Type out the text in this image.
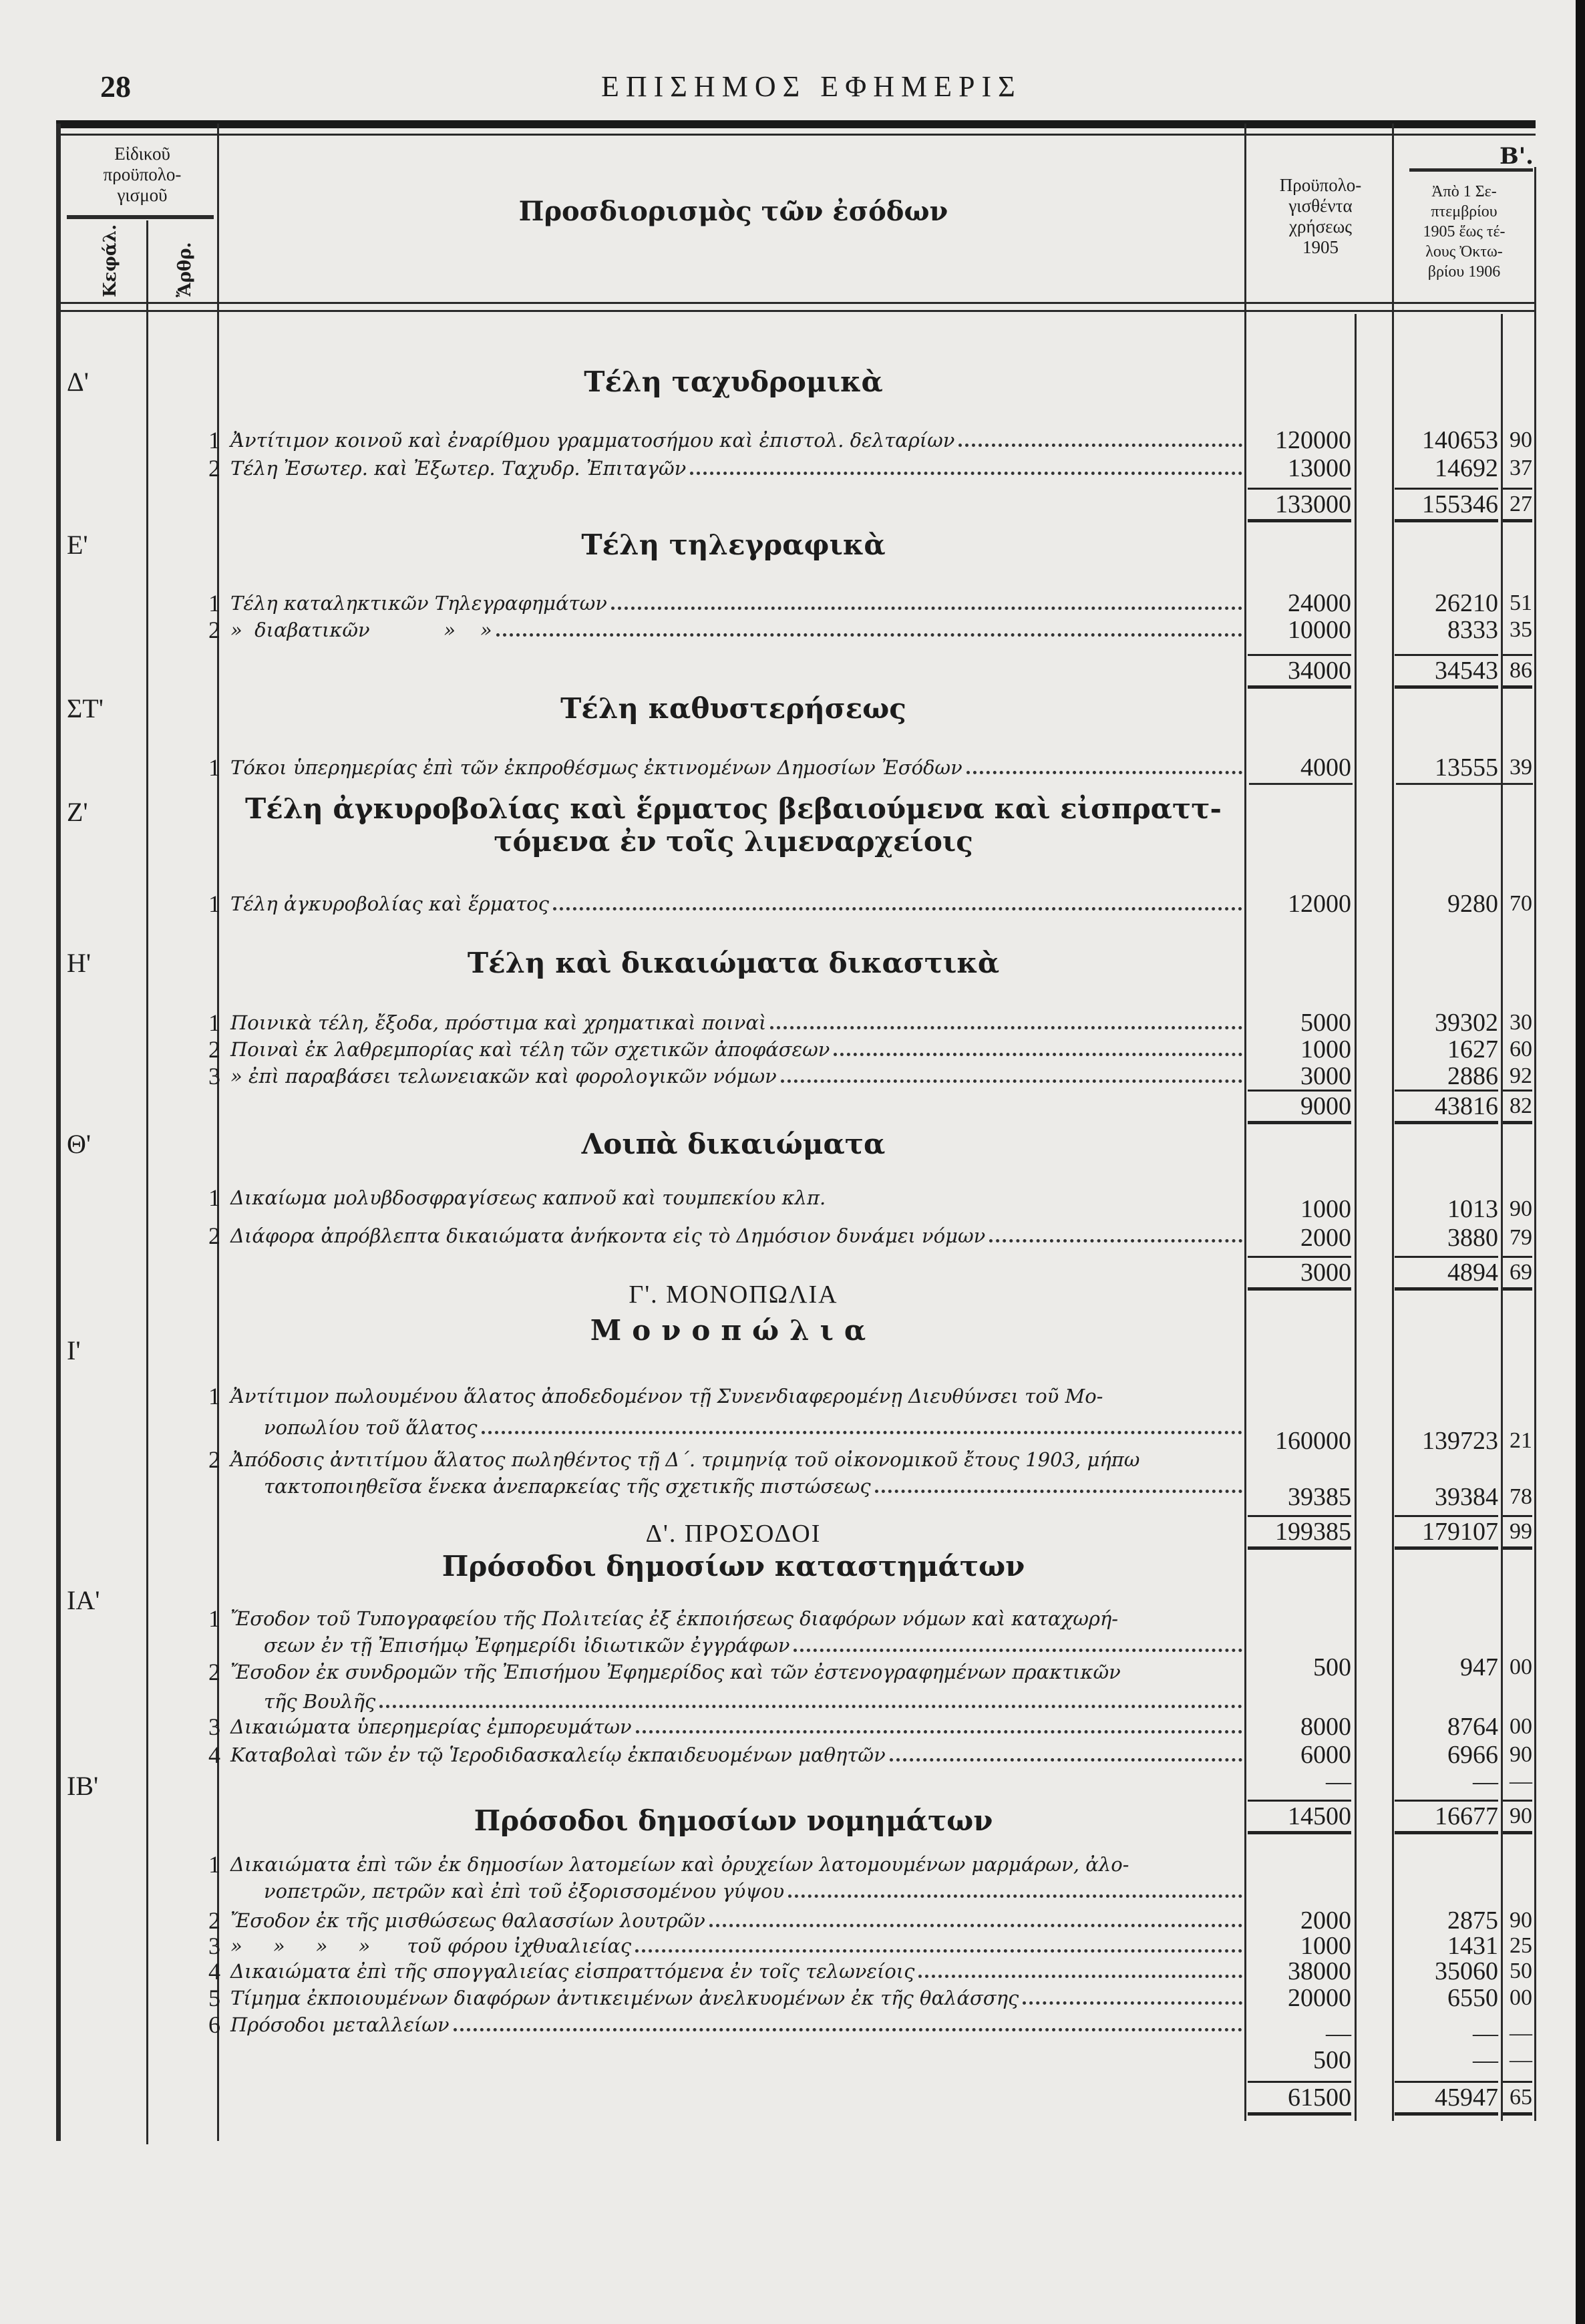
28	ΕΠΙΣΗΜΟΣ ΕΦΗΜΕΡΙΣ
Εἰδικοῦ
προϋπολο-
γισμοῦ
Κεφάλ.	Ἄρθρ.
Προσδιορισμὸς τῶν ἐσόδων
Προϋπολο-
γισθέντα
χρήσεως
1905
Β'.
Ἀπὸ 1 Σε-
πτεμβρίου
1905 ἕως τέ-
λους Ὀκτω-
βρίου 1906
Δ'	Τέλη ταχυδρομικὰ
1 Ἀντίτιμον κοινοῦ καὶ ἐναρίθμου γραμματοσήμου καὶ ἐπιστολ. δελταρίων	120000	140653 90
2 Τέλη Ἐσωτερ. καὶ Ἐξωτερ. Ταχυδρ. Ἐπιταγῶν	13000	14692 37
133000	155346 27
Ε'	Τέλη τηλεγραφικὰ
1 Τέλη καταληκτικῶν Τηλεγραφημάτων	24000	26210 51
2 »  διαβατικῶν            »    »	10000	8333 35
34000	34543 86
ΣΤ'	Τέλη καθυστερήσεως
1 Τόκοι ὑπερημερίας ἐπὶ τῶν ἐκπροθέσμως ἐκτινομένων Δημοσίων Ἐσόδων	4000	13555 39
Ζ'	Τέλη ἀγκυροβολίας καὶ ἕρματος βεβαιούμενα καὶ εἰσπραττ-
τόμενα ἐν τοῖς λιμεναρχείοις
1 Τέλη ἀγκυροβολίας καὶ ἕρματος	12000	9280 70
Η'	Τέλη καὶ δικαιώματα δικαστικὰ
1 Ποινικὰ τέλη, ἔξοδα, πρόστιμα καὶ χρηματικαὶ ποιναὶ	5000	39302 30
2 Ποιναὶ ἐκ λαθρεμπορίας καὶ τέλη τῶν σχετικῶν ἀποφάσεων	1000	1627 60
3 » ἐπὶ παραβάσει τελωνειακῶν καὶ φορολογικῶν νόμων	3000	2886 92
9000	43816 82
Θ'	Λοιπὰ δικαιώματα
1 Δικαίωμα μολυβδοσφραγίσεως καπνοῦ καὶ τουμπεκίου κλπ.	1000	1013 90
2 Διάφορα ἀπρόβλεπτα δικαιώματα ἀνήκοντα εἰς τὸ Δημόσιον δυνάμει νόμων	2000	3880 79
3000	4894 69
Γ'. ΜΟΝΟΠΩΛΙΑ
Μονοπώλια
Ι'
1 Ἀντίτιμον πωλουμένου ἅλατος ἀποδεδομένον τῇ Συνενδιαφερομένῃ Διευθύνσει τοῦ Μο-
νοπωλίου τοῦ ἅλατος	160000	139723 21
2 Ἀπόδοσις ἀντιτίμου ἅλατος πωληθέντος τῇ Δ΄. τριμηνίᾳ τοῦ οἰκονομικοῦ ἔτους 1903, μήπω
τακτοποιηθεῖσα ἕνεκα ἀνεπαρκείας τῆς σχετικῆς πιστώσεως	39385	39384 78
199385	179107 99
Δ'. ΠΡΟΣΟΔΟΙ
Πρόσοδοι δημοσίων καταστημάτων
ΙΑ'
1 Ἔσοδον τοῦ Τυπογραφείου τῆς Πολιτείας ἐξ ἐκποιήσεως διαφόρων νόμων καὶ καταχωρή-
σεων ἐν τῇ Ἐπισήμῳ Ἐφημερίδι ἰδιωτικῶν ἐγγράφων
500	947 00
2 Ἔσοδον ἐκ συνδρομῶν τῆς Ἐπισήμου Ἐφημερίδος καὶ τῶν ἐστενογραφημένων πρακτικῶν
τῆς Βουλῆς
3 Δικαιώματα ὑπερημερίας ἐμπορευμάτων	8000	8764 00
4 Καταβολαὶ τῶν ἐν τῷ Ἱεροδιδασκαλείῳ ἐκπαιδευομένων μαθητῶν	6000	6966 90
—	— —
14500	16677 90
ΙΒ'
Πρόσοδοι δημοσίων νομημάτων
1 Δικαιώματα ἐπὶ τῶν ἐκ δημοσίων λατομείων καὶ ὀρυχείων λατομουμένων μαρμάρων, ἀλο-
νοπετρῶν, πετρῶν καὶ ἐπὶ τοῦ ἐξορισσομένου γύψου
2 Ἔσοδον ἐκ τῆς μισθώσεως θαλασσίων λουτρῶν	2000	2875 90
3 »     »     »     »      τοῦ φόρου ἰχθυαλιείας	1000	1431 25
4 Δικαιώματα ἐπὶ τῆς σπογγαλιείας εἰσπραττόμενα ἐν τοῖς τελωνείοις	38000	35060 50
5 Τίμημα ἐκποιουμένων διαφόρων ἀντικειμένων ἀνελκυομένων ἐκ τῆς θαλάσσης	20000	6550 00
6 Πρόσοδοι μεταλλείων	—	— —
500	— —
61500	45947 65
